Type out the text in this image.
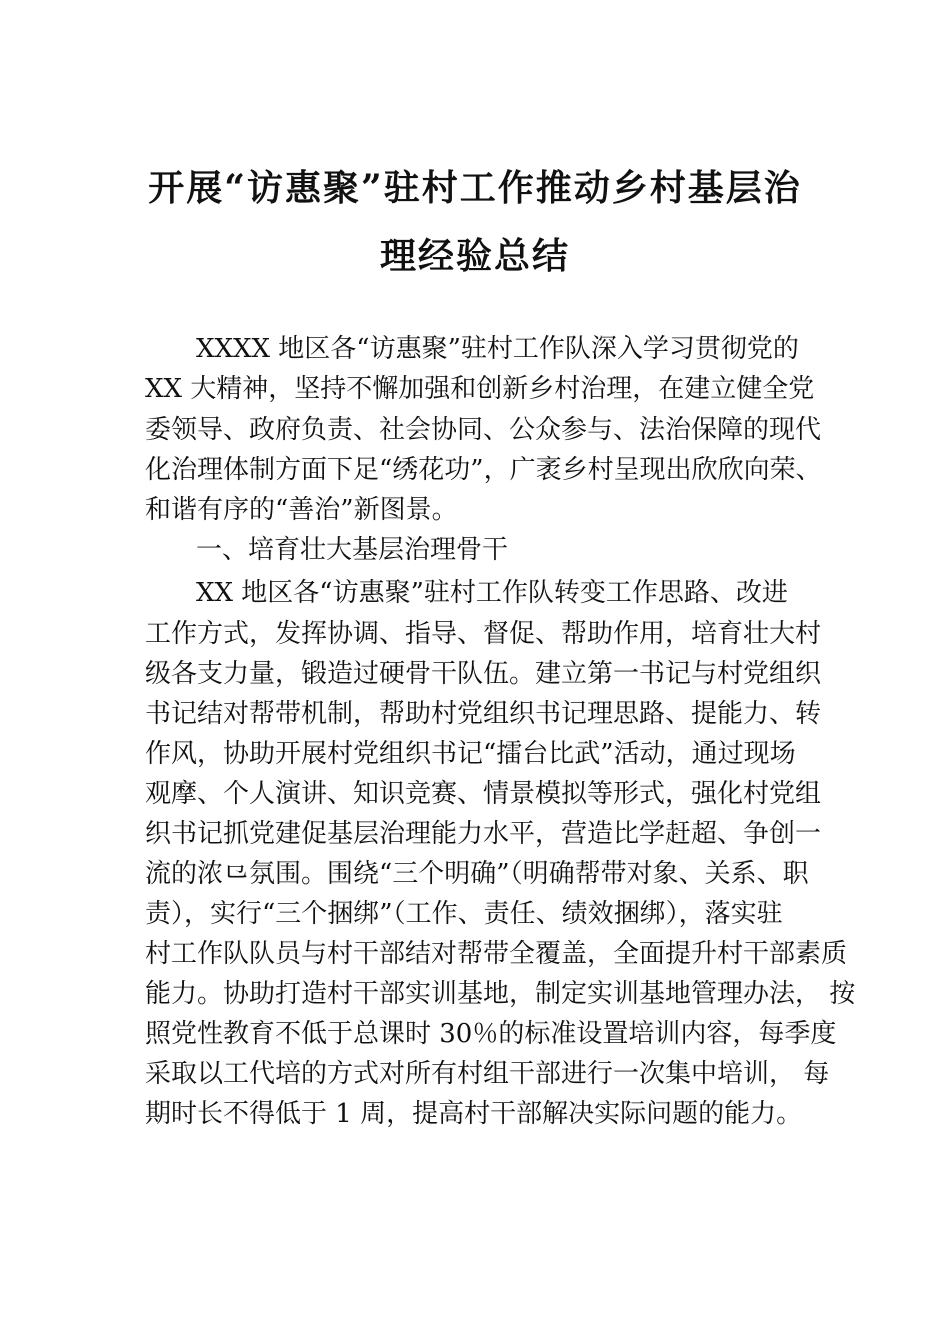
开展“访惠聚”驻村工作推动乡村基层治
理经验总结
XXXX 地区各“访惠聚”驻村工作队深入学习贯彻党的
XX 大精神，坚持不懈加强和创新乡村治理，在建立健全党
委领导、政府负责、社会协同、公众参与、法治保障的现代
化治理体制方面下足“绣花功”，广袤乡村呈现出欣欣向荣、
和谐有序的“善治”新图景。
一、培育壮大基层治理骨干
XX 地区各“访惠聚”驻村工作队转变工作思路、改进
工作方式，发挥协调、指导、督促、帮助作用，培育壮大村
级各支力量，锻造过硬骨干队伍。建立第一书记与村党组织
书记结对帮带机制，帮助村党组织书记理思路、提能力、转
作风，协助开展村党组织书记“擂台比武”活动，通过现场
观摩、个人演讲、知识竞赛、情景模拟等形式，强化村党组
织书记抓党建促基层治理能力水平，营造比学赶超、争创一
流的浓⺋氛围。围绕“三个明确”（明确帮带对象、关系、职
责），实行“三个捆绑”（工作、责任、绩效捆绑），落实驻
村工作队队员与村干部结对帮带全覆盖，全面提升村干部素质
能力。协助打造村干部实训基地，制定实训基地管理办法， 按
照党性教育不低于总课时 30％的标准设置培训内容，每季度
采取以工代培的方式对所有村组干部进行一次集中培训， 每
期时长不得低于 1 周，提高村干部解决实际问题的能力。
